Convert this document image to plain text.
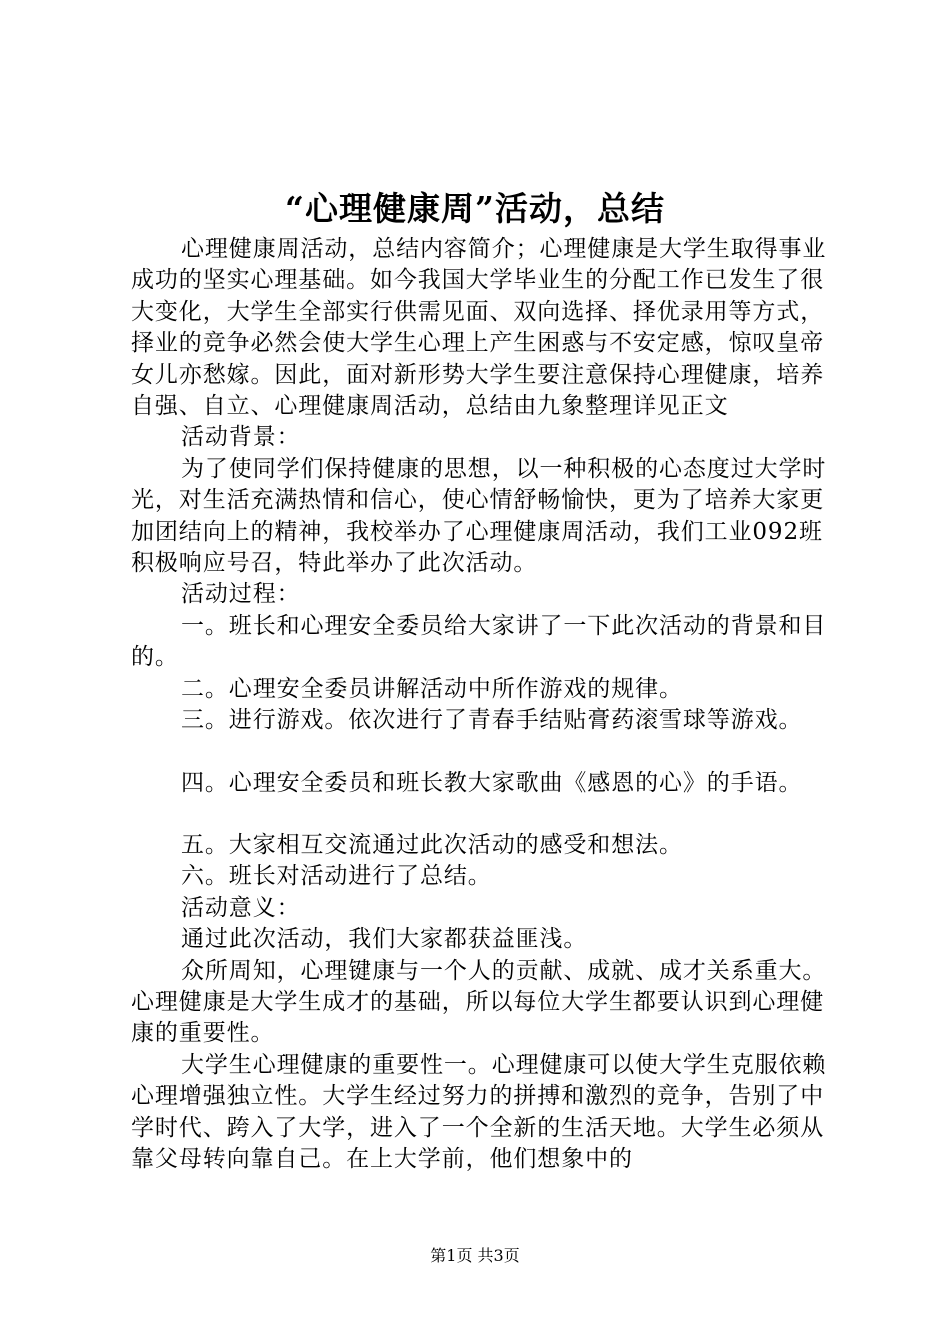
“心理健康周”活动，总结

心理健康周活动，总结内容简介；心理健康是大学生取得事业成功的坚实心理基础。如今我国大学毕业生的分配工作已发生了很大变化，大学生全部实行供需见面、双向选择、择优录用等方式，择业的竞争必然会使大学生心理上产生困惑与不安定感，惊叹皇帝女儿亦愁嫁。因此，面对新形势大学生要注意保持心理健康，培养自强、自立、心理健康周活动，总结由九象整理详见正文

活动背景：

为了使同学们保持健康的思想，以一种积极的心态度过大学时光，对生活充满热情和信心，使心情舒畅愉快，更为了培养大家更加团结向上的精神，我校举办了心理健康周活动，我们工业092班积极响应号召，特此举办了此次活动。

活动过程：

一。班长和心理安全委员给大家讲了一下此次活动的背景和目的。

二。心理安全委员讲解活动中所作游戏的规律。

三。进行游戏。依次进行了青春手结贴膏药滚雪球等游戏。

四。心理安全委员和班长教大家歌曲《感恩的心》的手语。

五。大家相互交流通过此次活动的感受和想法。

六。班长对活动进行了总结。

活动意义：

通过此次活动，我们大家都获益匪浅。

众所周知，心理键康与一个人的贡献、成就、成才关系重大。心理健康是大学生成才的基础，所以每位大学生都要认识到心理健康的重要性。

大学生心理健康的重要性一。心理健康可以使大学生克服依赖心理增强独立性。大学生经过努力的拼搏和激烈的竞争，告别了中学时代、跨入了大学，进入了一个全新的生活天地。大学生必须从靠父母转向靠自己。在上大学前，他们想象中的

第1页 共3页
